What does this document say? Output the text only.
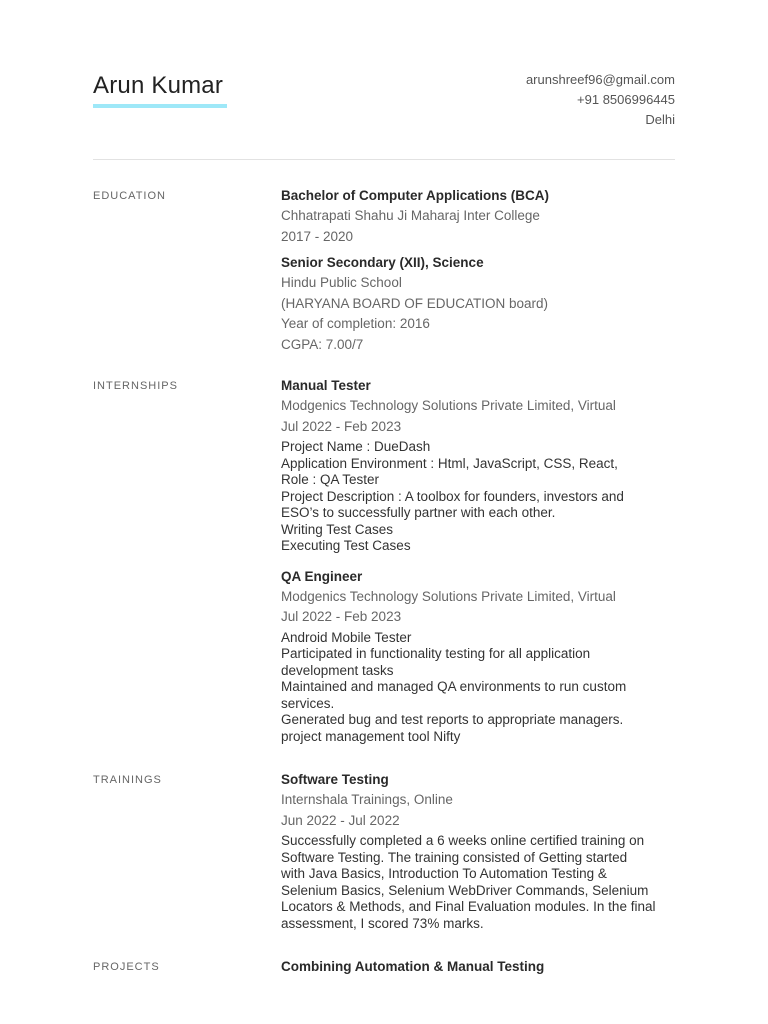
Arun Kumar	arunshreef96@gmail.com
+91 8506996445
Delhi
EDUCATION	Bachelor of Computer Applications (BCA)
Chhatrapati Shahu Ji Maharaj Inter College
2017 - 2020
Senior Secondary (XII), Science
Hindu Public School
(HARYANA BOARD OF EDUCATION board)
Year of completion: 2016
CGPA: 7.00/7
INTERNSHIPS	Manual Tester
Modgenics Technology Solutions Private Limited, Virtual
Jul 2022 - Feb 2023
Project Name : DueDash
Application Environment : Html, JavaScript, CSS, React,
Role : QA Tester
Project Description : A toolbox for founders, investors and
ESO’s to successfully partner with each other.
Writing Test Cases
Executing Test Cases
QA Engineer
Modgenics Technology Solutions Private Limited, Virtual
Jul 2022 - Feb 2023
Android Mobile Tester
Participated in functionality testing for all application
development tasks
Maintained and managed QA environments to run custom
services.
Generated bug and test reports to appropriate managers.
project management tool Nifty
TRAININGS	Software Testing
Internshala Trainings, Online
Jun 2022 - Jul 2022
Successfully completed a 6 weeks online certified training on
Software Testing. The training consisted of Getting started
with Java Basics, Introduction To Automation Testing &
Selenium Basics, Selenium WebDriver Commands, Selenium
Locators & Methods, and Final Evaluation modules. In the final
assessment, I scored 73% marks.
PROJECTS	Combining Automation & Manual Testing
